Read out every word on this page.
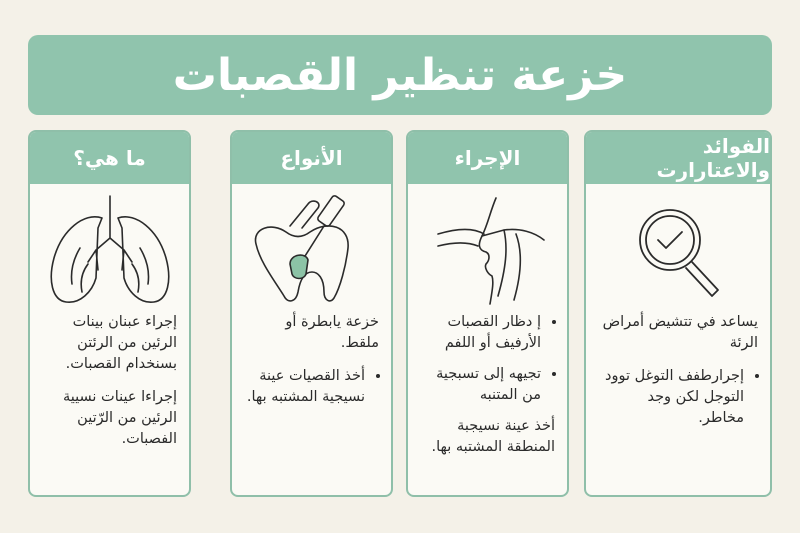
خزعة تنظير القصبات
ما هي؟

إجراء عبنان بينات الرئين من الرئتن بسنخدام القصبات.

إجراءا عينات نسيية الرئين من الرّتين الفصبات.

الأنواع

خزعة يابطرة أو ملقط.

• أخذ القصيات عينة نسيجية المشتبه بها.
الإجراء
• إ دظار القصبات الأرفيف أو اللفم
• تجيهه إلى تسبجية من المتنبه

أخذ عينة نسيجبة المنطقة المشتبه بها.

الفوائد والاعتارارت

يساعد في تتشيض أمراض الرئة

• إجرارطفف التوغل توود التوجل لكن وجد مخاطر.
